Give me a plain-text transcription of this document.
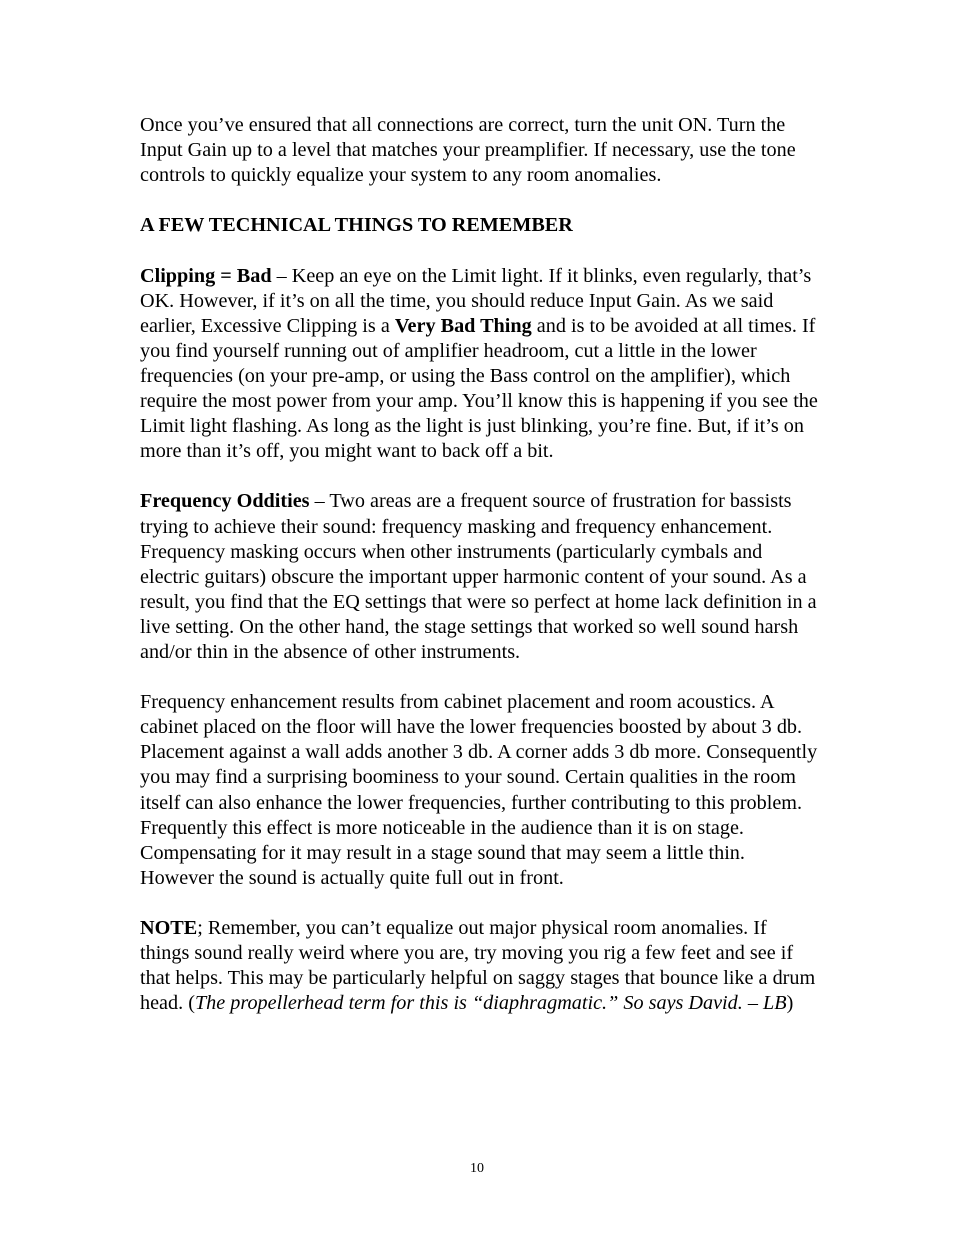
Once you’ve ensured that all connections are correct, turn the unit ON. Turn the Input Gain up to a level that matches your preamplifier. If necessary, use the tone controls to quickly equalize your system to any room anomalies.

A FEW TECHNICAL THINGS TO REMEMBER

Clipping = Bad – Keep an eye on the Limit light. If it blinks, even regularly, that’s OK. However, if it’s on all the time, you should reduce Input Gain. As we said earlier, Excessive Clipping is a Very Bad Thing and is to be avoided at all times. If you find yourself running out of amplifier headroom, cut a little in the lower frequencies (on your pre-amp, or using the Bass control on the amplifier), which require the most power from your amp. You’ll know this is happening if you see the Limit light flashing. As long as the light is just blinking, you’re fine. But, if it’s on more than it’s off, you might want to back off a bit.

Frequency Oddities – Two areas are a frequent source of frustration for bassists trying to achieve their sound: frequency masking and frequency enhancement. Frequency masking occurs when other instruments (particularly cymbals and electric guitars) obscure the important upper harmonic content of your sound. As a result, you find that the EQ settings that were so perfect at home lack definition in a live setting. On the other hand, the stage settings that worked so well sound harsh and/or thin in the absence of other instruments.

Frequency enhancement results from cabinet placement and room acoustics. A cabinet placed on the floor will have the lower frequencies boosted by about 3 db. Placement against a wall adds another 3 db. A corner adds 3 db more. Consequently you may find a surprising boominess to your sound. Certain qualities in the room itself can also enhance the lower frequencies, further contributing to this problem. Frequently this effect is more noticeable in the audience than it is on stage. Compensating for it may result in a stage sound that may seem a little thin. However the sound is actually quite full out in front.

NOTE; Remember, you can’t equalize out major physical room anomalies. If things sound really weird where you are, try moving you rig a few feet and see if that helps. This may be particularly helpful on saggy stages that bounce like a drum head. (The propellerhead term for this is “diaphragmatic.” So says David. – LB)

10
